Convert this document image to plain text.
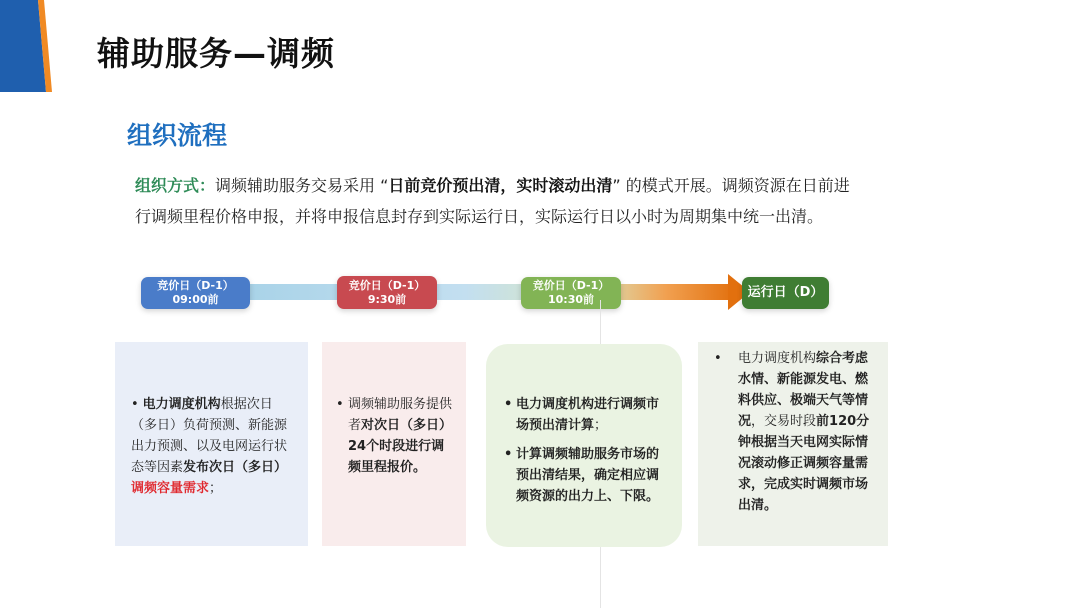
辅助服务—调频
组织流程
组织方式：调频辅助服务交易采用 “日前竞价预出清，实时滚动出清” 的模式开展。调频资源在日前进行调频里程价格申报，并将申报信息封存到实际运行日，实际运行日以小时为周期集中统一出清。
竞价日（D-1）
09:00前
竞价日（D-1）
9:30前
竞价日（D-1）
10:30前	运行日（D）
• 电力调度机构根据次日（多日）负荷预测、新能源出力预测、以及电网运行状态等因素发布次日（多日）调频容量需求；
• 调频辅助服务提供者对次日（多日）24个时段进行调频里程报价。

• 电力调度机构进行调频市场预出清计算；

• 计算调频辅助服务市场的预出清结果，确定相应调频资源的出力上、下限。

•	电力调度机构综合考虑水情、新能源发电、燃料供应、极端天气等情况，交易时段前120分钟根据当天电网实际情况滚动修正调频容量需求，完成实时调频市场出清。
